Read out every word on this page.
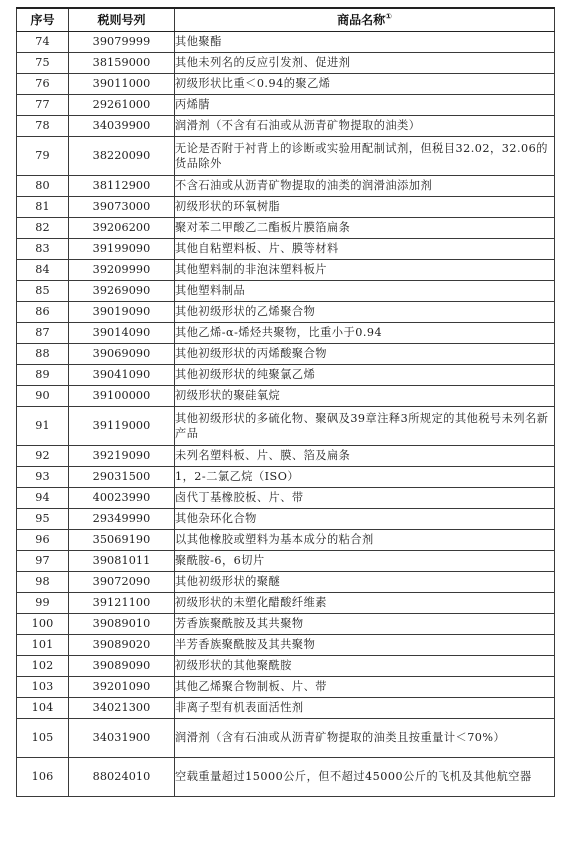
序号	税则号列	商品名称①
74	39079999	其他聚酯
75	38159000	其他未列名的反应引发剂、促进剂
76	39011000	初级形状比重＜0.94的聚乙烯
77	29261000	丙烯腈
78	34039900	润滑剂（不含有石油或从沥青矿物提取的油类）
79	38220090	无论是否附于衬背上的诊断或实验用配制试剂，但税目32.02，32.06的货品除外
80	38112900	不含石油或从沥青矿物提取的油类的润滑油添加剂
81	39073000	初级形状的环氧树脂
82	39206200	聚对苯二甲酸乙二酯板片膜箔扁条
83	39199090	其他自粘塑料板、片、膜等材料
84	39209990	其他塑料制的非泡沫塑料板片
85	39269090	其他塑料制品
86	39019090	其他初级形状的乙烯聚合物
87	39014090	其他乙烯-α-烯烃共聚物，比重小于0.94
88	39069090	其他初级形状的丙烯酸聚合物
89	39041090	其他初级形状的纯聚氯乙烯
90	39100000	初级形状的聚硅氧烷
91	39119000	其他初级形状的多硫化物、聚砜及39章注释3所规定的其他税号未列名新产品
92	39219090	未列名塑料板、片、膜、箔及扁条
93	29031500	1，2-二氯乙烷（ISO）
94	40023990	卤代丁基橡胶板、片、带
95	29349990	其他杂环化合物
96	35069190	以其他橡胶或塑料为基本成分的粘合剂
97	39081011	聚酰胺-6，6切片
98	39072090	其他初级形状的聚醚
99	39121100	初级形状的未塑化醋酸纤维素
100	39089010	芳香族聚酰胺及其共聚物
101	39089020	半芳香族聚酰胺及其共聚物
102	39089090	初级形状的其他聚酰胺
103	39201090	其他乙烯聚合物制板、片、带
104	34021300	非离子型有机表面活性剂
105	34031900	润滑剂（含有石油或从沥青矿物提取的油类且按重量计＜70%）
106	88024010	空载重量超过15000公斤，但不超过45000公斤的飞机及其他航空器
